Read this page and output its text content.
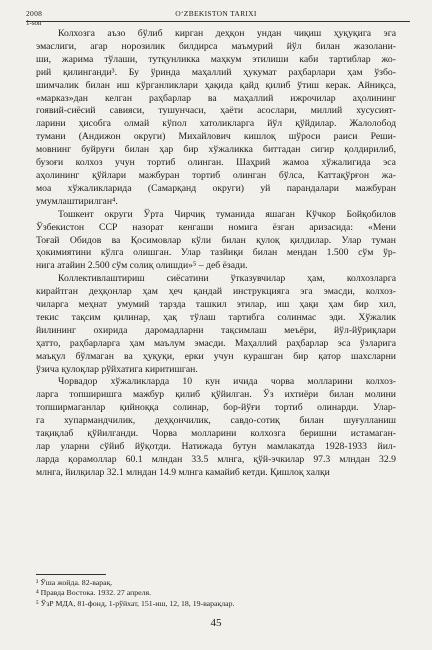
2008	O‘ZBEKISTON TARIXI
1-son
Колхозга аъзо бўлиб кирган деҳқон ундан чиқиш ҳуқуқига эга
эмаслиги, агар норозилик билдирса маъмурий йўл билан жазолани-
ши, жарима тўлаши, тутқунликка маҳкум этилиши каби тартиблар жо-
рий қилинганди³. Бу ўринда маҳаллий ҳукумат раҳбарлари ҳам ўзбо-
шимчалик билан иш кўрганликлари ҳақида қайд қилиб ўтиш керак. Айниқса,
«марказ»дан келган раҳбарлар ва маҳаллий ижрочилар аҳолининг
гоявий-сиёсий савияси, тушунчаси, ҳаёти асослари, миллий хусусият-
ларини ҳисобга олмай кўпол хатоликларга йўл қўйдилар. Жалолобод
тумани (Андижон округи) Михайлович кишлоқ шўроси раиси Реши-
мовнинг буйруғи билан ҳар бир хўжаликка биттадан сигир қолдирилиб,
бузоғи колхоз учун тортиб олинган. Шаҳрий жамоа хўжалигида эса
аҳолининг қўйлари мажбуран тортиб олинган бўлса, Каттақўрғон жа-
моа хўжаликларида (Самарқанд округи) уй парандалари мажбуран
умумлаштирилган⁴.
Тошкент округи Ўрта Чирчиқ туманида яшаган Кўчкор Бойқобилов
Ўзбекистон ССР назорат кенгаши номига ёзган аризасида: «Мени
Тоғай Обидов ва Қосимовлар кўли билан қулоқ қилдилар. Улар туман
ҳокимиятини кўлга олишган. Улар тазйиқи билан мендан 1.500 сўм ўр-
нига атайин 2.500 сўм солиқ олишди»⁵ – деб ёзади.
Коллективлаштириш сиёсатини ўтказувчилар ҳам, колхозларга
кирайтган деҳқонлар ҳам ҳеч қандай инструкцияга эга эмасди, колхоз-
чиларга меҳнат умумий тарзда ташкил этилар, иш ҳақи ҳам бир хил,
текис тақсим қилинар, ҳақ тўлаш тартибга солинмас эди. Хўжалик
йилининг охирида даромадларни тақсимлаш меъёри, йўл-йўриқлари
ҳатто, раҳбарларга ҳам маълум эмасди. Маҳаллий раҳбарлар эса ўзларига
маъқул бўлмаган ва ҳуқуқи, ерки учун курашган бир қатор шахсларни
ўзича қулоқлар рўйхатига киритишган.
Чорвадор хўжаликларда 10 кун ичида чорва молларини колхоз-
ларга топширишга мажбур қилиб қўйилган. Ўз ихтиёри билан молини
топширмаганлар қийноққа солинар, бор-йўғи тортиб олинарди. Улар-
га хупармандчилик, деҳқончилик, савдо-сотиқ билан шуғулланиш
тақиқлаб қўйилганди. Чорва молларини колхозга беришни истамаган-
лар уларни сўйиб йўқотди. Натижада бутун мамлакатда 1928-1933 йил-
ларда қорамоллар 60.1 млндан 33.5 млнга, қўй-эчкилар 97.3 млндан 32.9
млнга, йилқилар 32.1 млндан 14.9 млнга камайиб кетди. Қишлоқ халқи
³ Ўша жойда. 82-варақ.
⁴ Правда Востока. 1932. 27 апреля.
⁵ ЎзР МДА, 81-фонд, 1-рўйхат, 151-иш, 12, 18, 19-варақлар.
45
